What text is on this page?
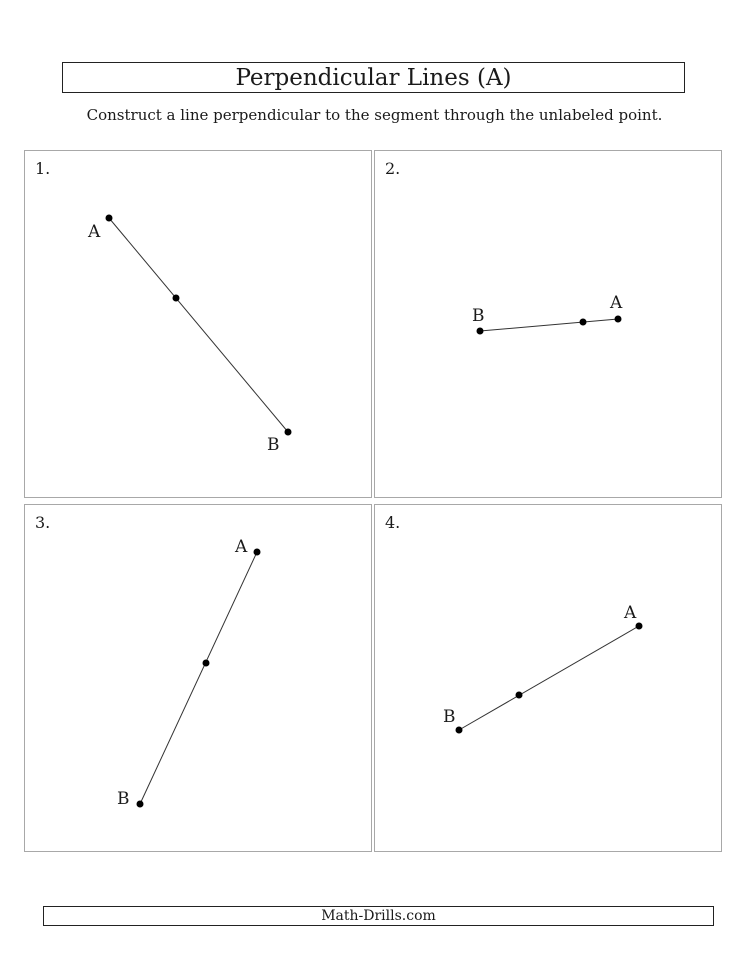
Perpendicular Lines (A)
Construct a line perpendicular to the segment through the unlabeled point.
1.
A
B
2.
A
B
3.
A
B
4.
A
B
Math-Drills.com
